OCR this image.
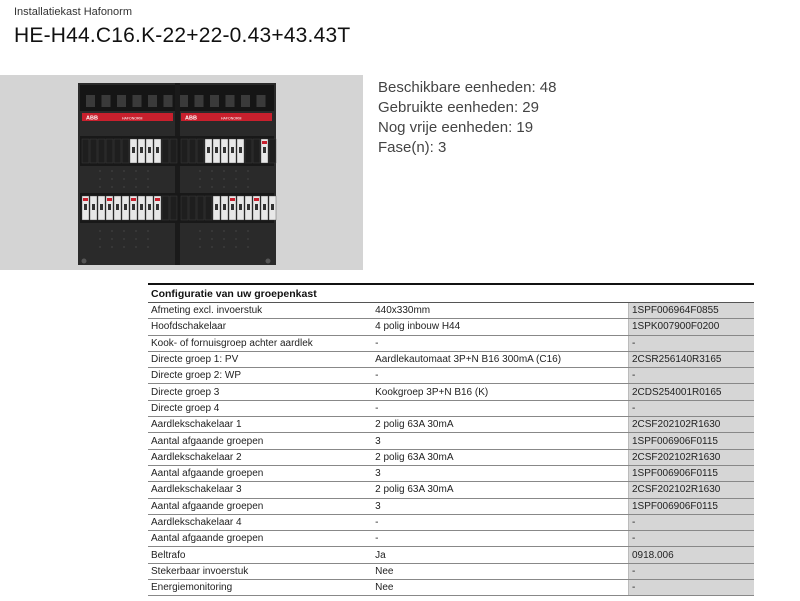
Installatiekast Hafonorm
HE-H44.C16.K-22+22-0.43+43.43T
ABB	HAFONORM	ABB	HAFONORM
Beschikbare eenheden: 48
Gebruikte eenheden: 29
Nog vrije eenheden: 19
Fase(n): 3
Configuratie van uw groepenkast
Afmeting excl. invoerstuk	440x330mm	1SPF006964F0855
Hoofdschakelaar	4 polig inbouw H44	1SPK007900F0200
Kook- of fornuisgroep achter aardlek	-	-
Directe groep 1: PV	Aardlekautomaat 3P+N B16 300mA (C16)	2CSR256140R3165
Directe groep 2: WP	-	-
Directe groep 3	Kookgroep 3P+N B16 (K)	2CDS254001R0165
Directe groep 4	-	-
Aardlekschakelaar 1	2 polig 63A 30mA	2CSF202102R1630
Aantal afgaande groepen	3	1SPF006906F0115
Aardlekschakelaar 2	2 polig 63A 30mA	2CSF202102R1630
Aantal afgaande groepen	3	1SPF006906F0115
Aardlekschakelaar 3	2 polig 63A 30mA	2CSF202102R1630
Aantal afgaande groepen	3	1SPF006906F0115
Aardlekschakelaar 4	-	-
Aantal afgaande groepen	-	-
Beltrafo	Ja	0918.006
Stekerbaar invoerstuk	Nee	-
Energiemonitoring	Nee	-
